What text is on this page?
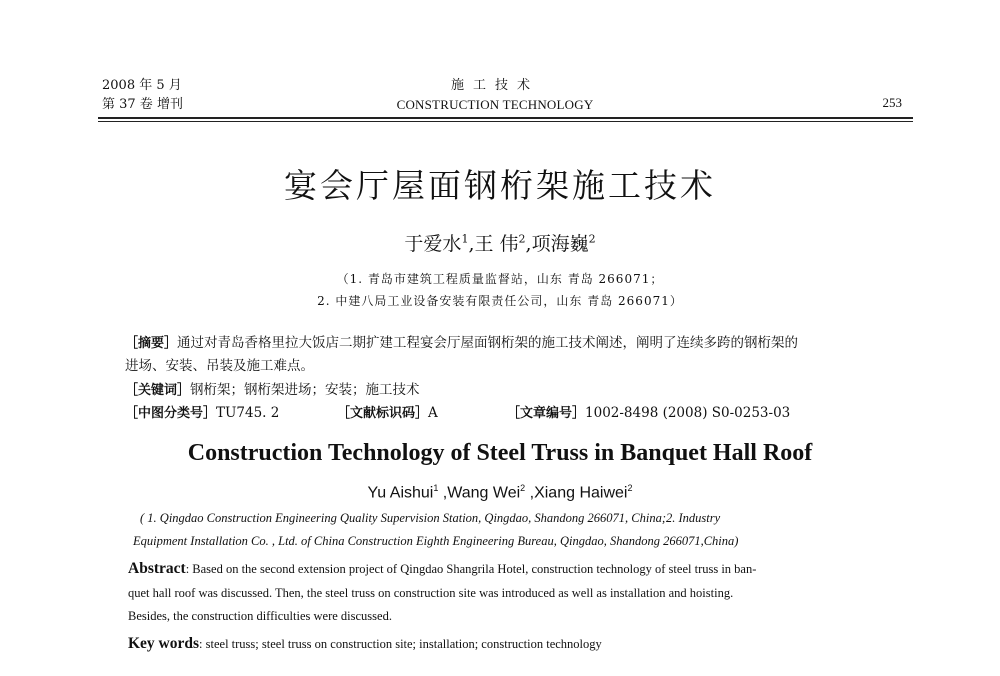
2008 年 5 月
第 37 卷 增刊
施工技术
CONSTRUCTION TECHNOLOGY	253
宴会厅屋面钢桁架施工技术
于爱水$^1$,王 伟$^2$,项海巍$^2$
（1. 青岛市建筑工程质量监督站，山东 青岛 266071；
2. 中建八局工业设备安装有限责任公司，山东 青岛 266071）
［摘要］通过对青岛香格里拉大饭店二期扩建工程宴会厅屋面钢桁架的施工技术阐述，阐明了连续多跨的钢桁架的
进场、安装、吊装及施工难点。
［关键词］钢桁架；钢桁架进场；安装；施工技术
［中图分类号］TU745. 2	［文献标识码］A	［文章编号］1002-8498 (2008) S0-0253-03
Construction Technology of Steel Truss in Banquet Hall Roof
Yu Aishui$^1$ ,Wang Wei$^2$ ,Xiang Haiwei$^2$
( 1. Qingdao Construction Engineering Quality Supervision Station, Qingdao, Shandong 266071, China;2. Industry
Equipment Installation Co. , Ltd. of China Construction Eighth Engineering Bureau, Qingdao, Shandong 266071,China)
Abstract: Based on the second extension project of Qingdao Shangrila Hotel, construction technology of steel truss in ban-
quet hall roof was discussed. Then, the steel truss on construction site was introduced as well as installation and hoisting.
Besides, the construction difficulties were discussed.
Key words: steel truss; steel truss on construction site; installation; construction technology
